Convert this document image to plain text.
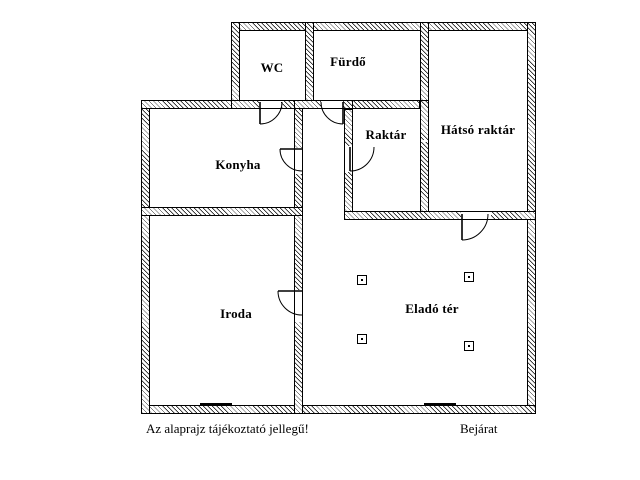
WC	Fürdő
Raktár	Hátsó raktár
Konyha
Iroda	Eladó tér
Az alaprajz tájékoztató jellegű!	Bejárat
